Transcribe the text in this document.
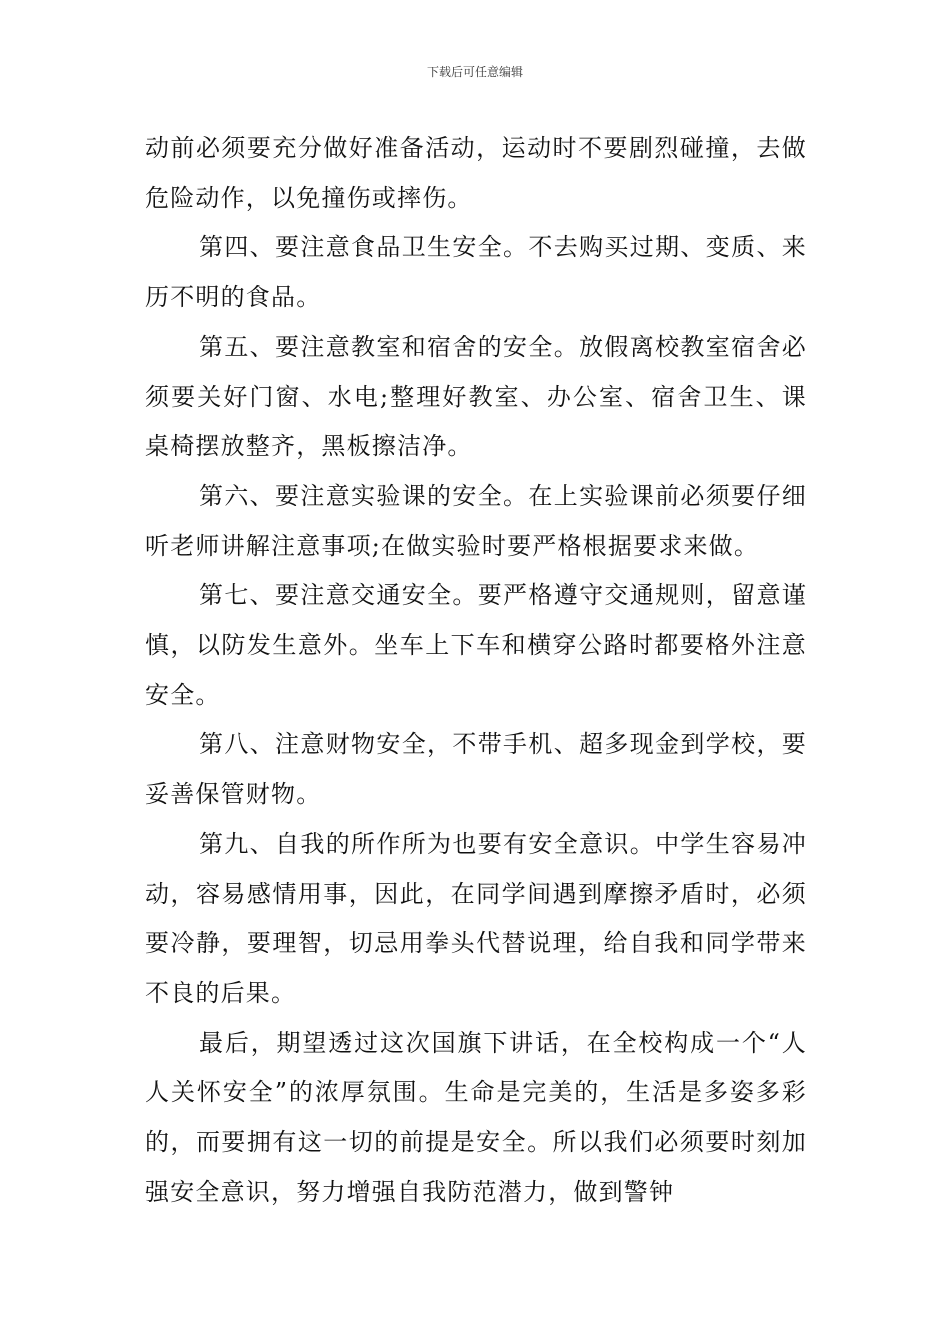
下载后可任意编辑

动前必须要充分做好准备活动，运动时不要剧烈碰撞，去做危险动作，以免撞伤或摔伤。

第四、要注意食品卫生安全。不去购买过期、变质、来历不明的食品。

第五、要注意教室和宿舍的安全。放假离校教室宿舍必须要关好门窗、水电;整理好教室、办公室、宿舍卫生、课桌椅摆放整齐，黑板擦洁净。

第六、要注意实验课的安全。在上实验课前必须要仔细听老师讲解注意事项;在做实验时要严格根据要求来做。

第七、要注意交通安全。要严格遵守交通规则，留意谨慎，以防发生意外。坐车上下车和横穿公路时都要格外注意安全。

第八、注意财物安全，不带手机、超多现金到学校，要妥善保管财物。

第九、自我的所作所为也要有安全意识。中学生容易冲动，容易感情用事，因此，在同学间遇到摩擦矛盾时，必须要冷静，要理智，切忌用拳头代替说理，给自我和同学带来不良的后果。

最后，期望透过这次国旗下讲话，在全校构成一个“人人关怀安全”的浓厚氛围。生命是完美的，生活是多姿多彩的，而要拥有这一切的前提是安全。所以我们必须要时刻加强安全意识，努力增强自我防范潜力，做到警钟
